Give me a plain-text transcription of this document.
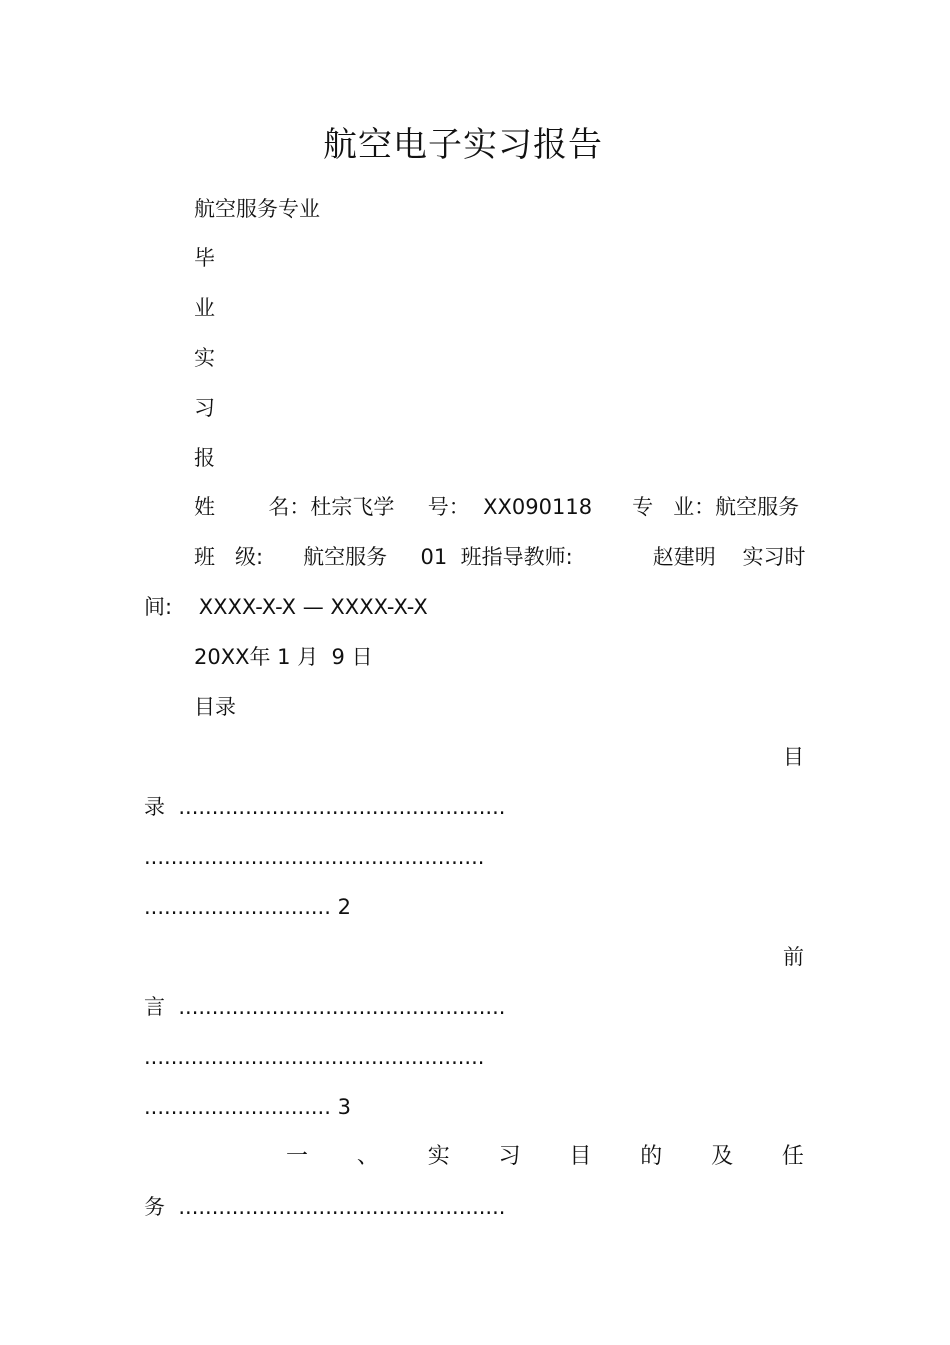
航空电子实习报告
航空服务专业
毕
业
实
习
报
姓        名：杜宗飞学     号：  XX090118      专   业：航空服务
班   级:      航空服务     01  班指导教师:            赵建明    实习时
间:    XXXX-X-X — XXXX-X-X
20XX年 1 月  9 日
目录
目
录  .................................................
...................................................
............................ 2
前
言  .................................................
...................................................
............................ 3
一 、 实 习 目 的 及 任
务  .................................................
